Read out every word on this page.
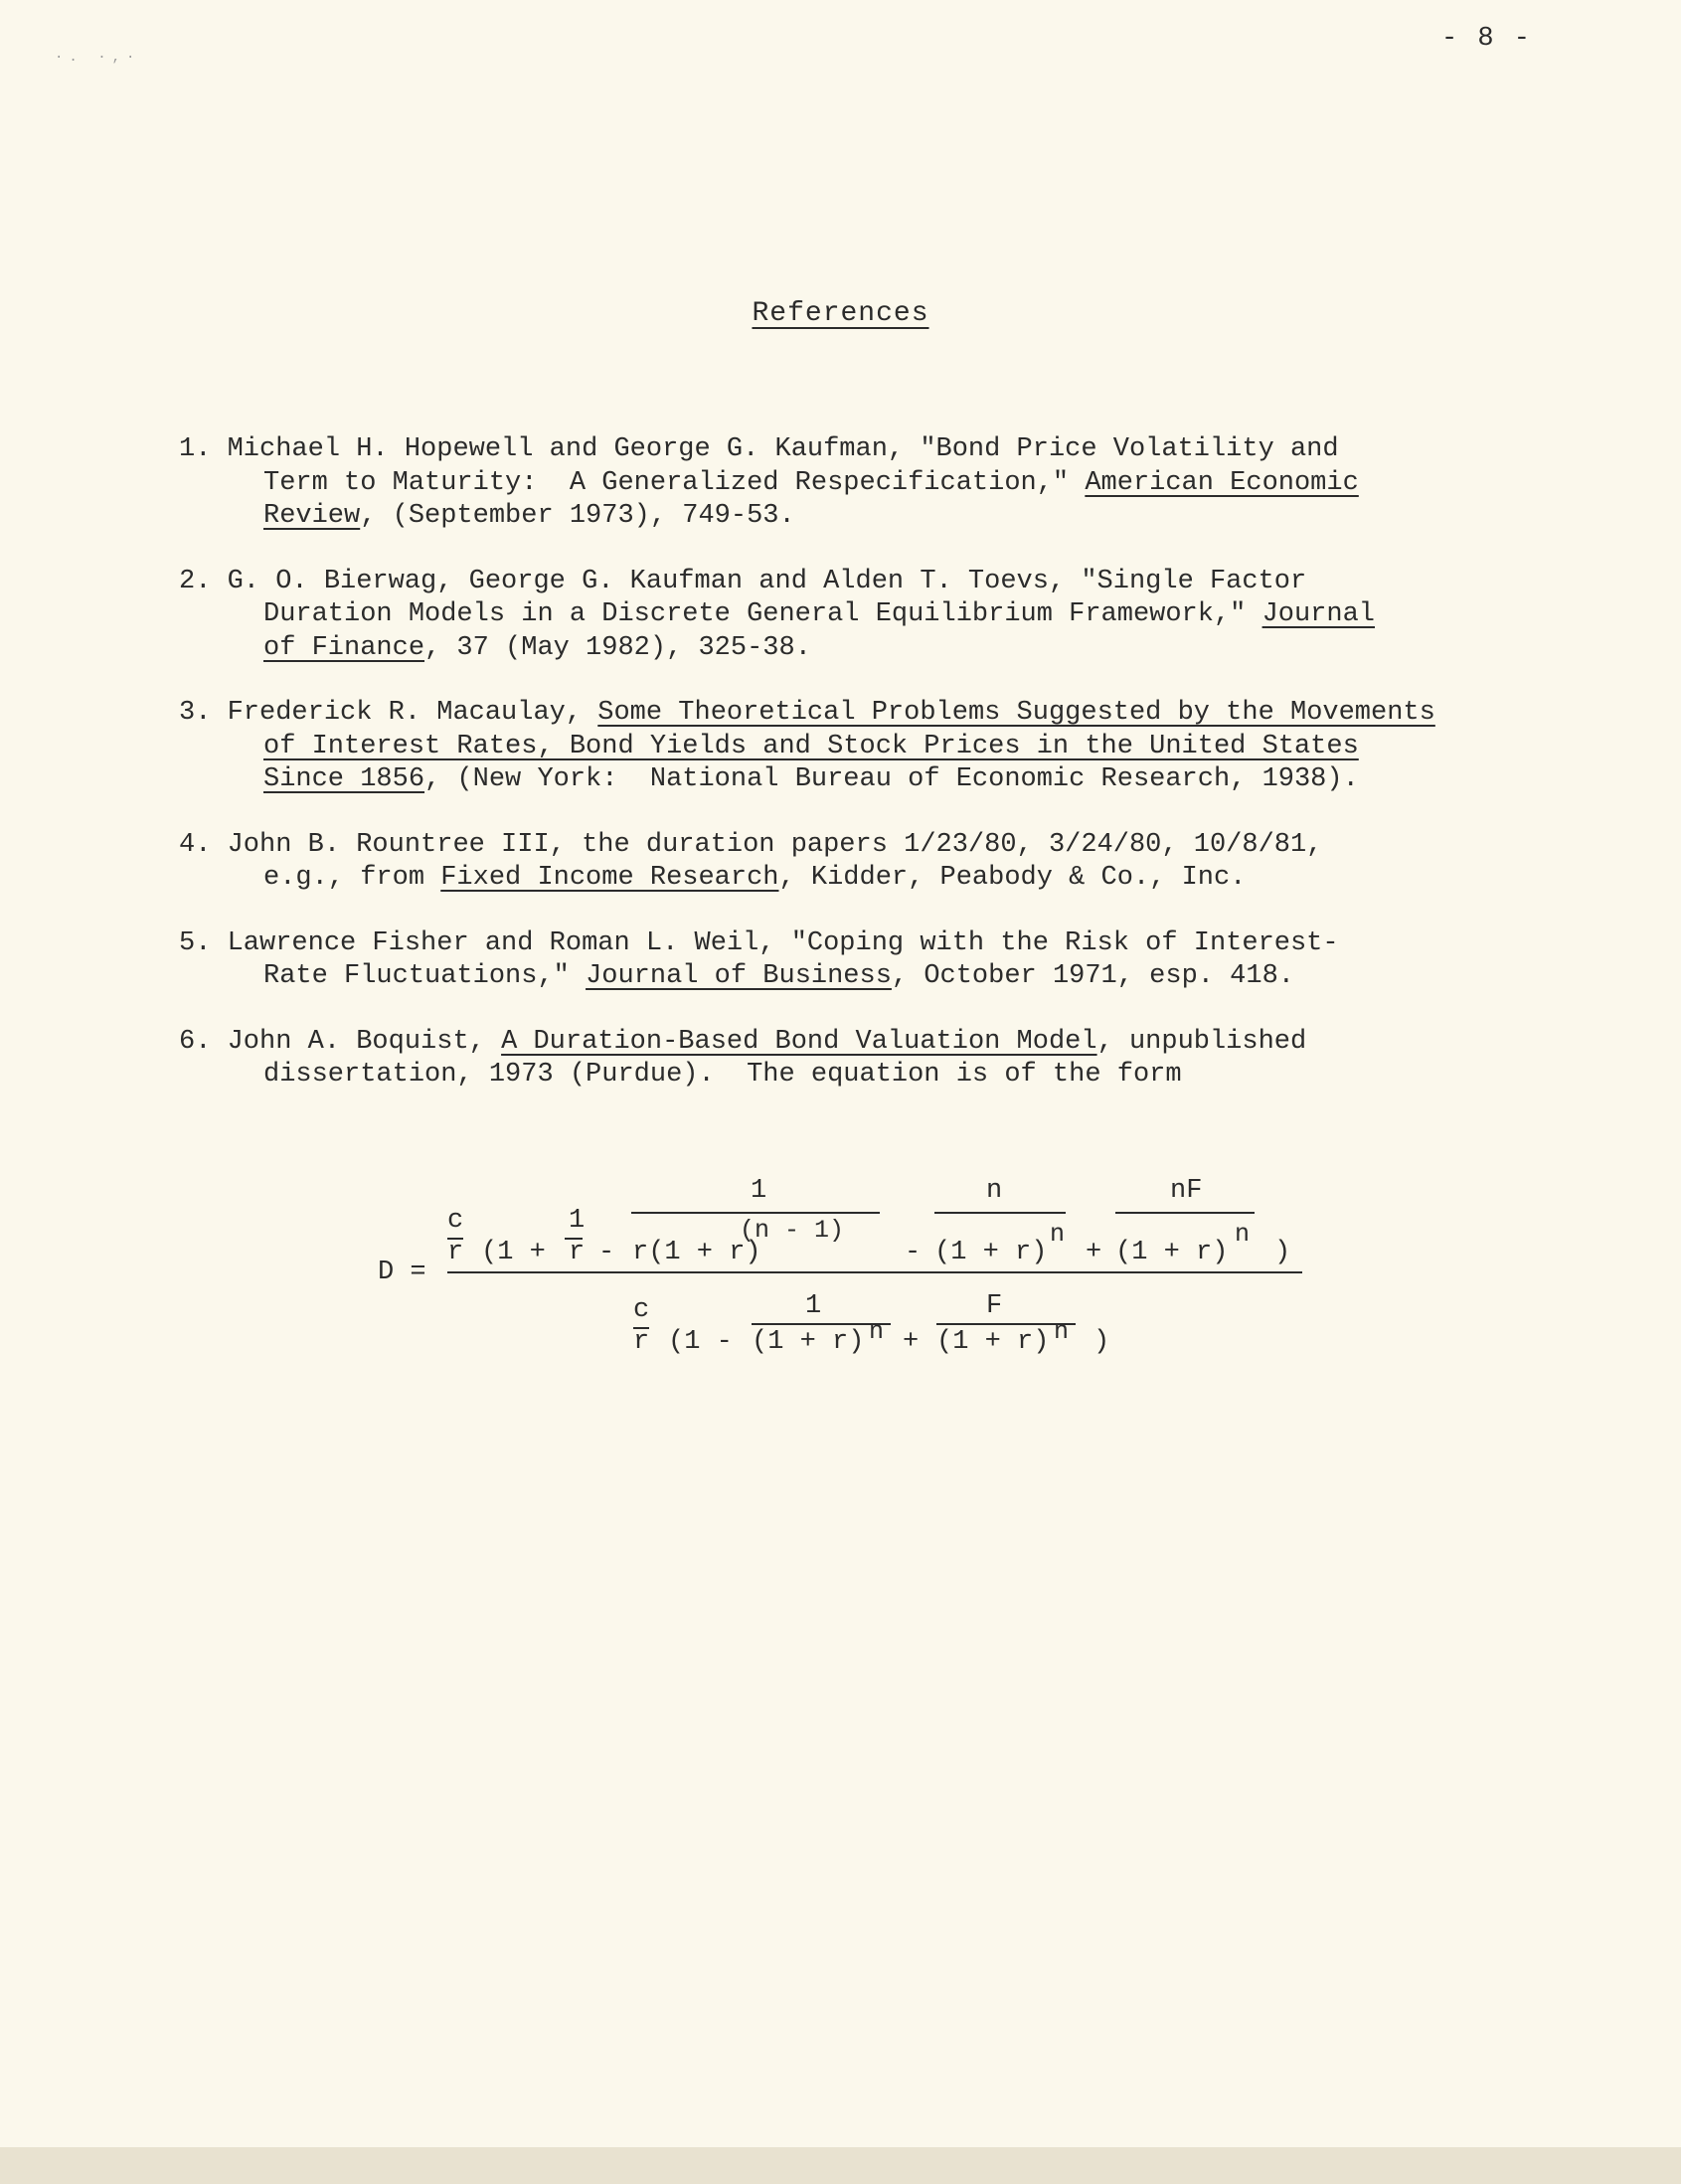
·. ·,·
- 8 -
References
1. Michael H. Hopewell and George G. Kaufman, "Bond Price Volatility and
Term to Maturity:  A Generalized Respecification," American Economic
Review, (September 1973), 749-53.
2. G. O. Bierwag, George G. Kaufman and Alden T. Toevs, "Single Factor
Duration Models in a Discrete General Equilibrium Framework," Journal
of Finance, 37 (May 1982), 325-38.
3. Frederick R. Macaulay, Some Theoretical Problems Suggested by the Movements
of Interest Rates, Bond Yields and Stock Prices in the United States
Since 1856, (New York:  National Bureau of Economic Research, 1938).
4. John B. Rountree III, the duration papers 1/23/80, 3/24/80, 10/8/81,
e.g., from Fixed Income Research, Kidder, Peabody & Co., Inc.
5. Lawrence Fisher and Roman L. Weil, "Coping with the Risk of Interest-
Rate Fluctuations," Journal of Business, October 1971, esp. 418.
6. John A. Boquist, A Duration-Based Bond Valuation Model, unpublished
dissertation, 1973 (Purdue).  The equation is of the form
D =
c
r (1 +
1
r -
1
r(1 + r)
(n - 1)
-
n
(1 + r)
n
+
nF
(1 + r)
n
)
c
r (1 -
1
(1 + r) n +
F
(1 + r) n )
